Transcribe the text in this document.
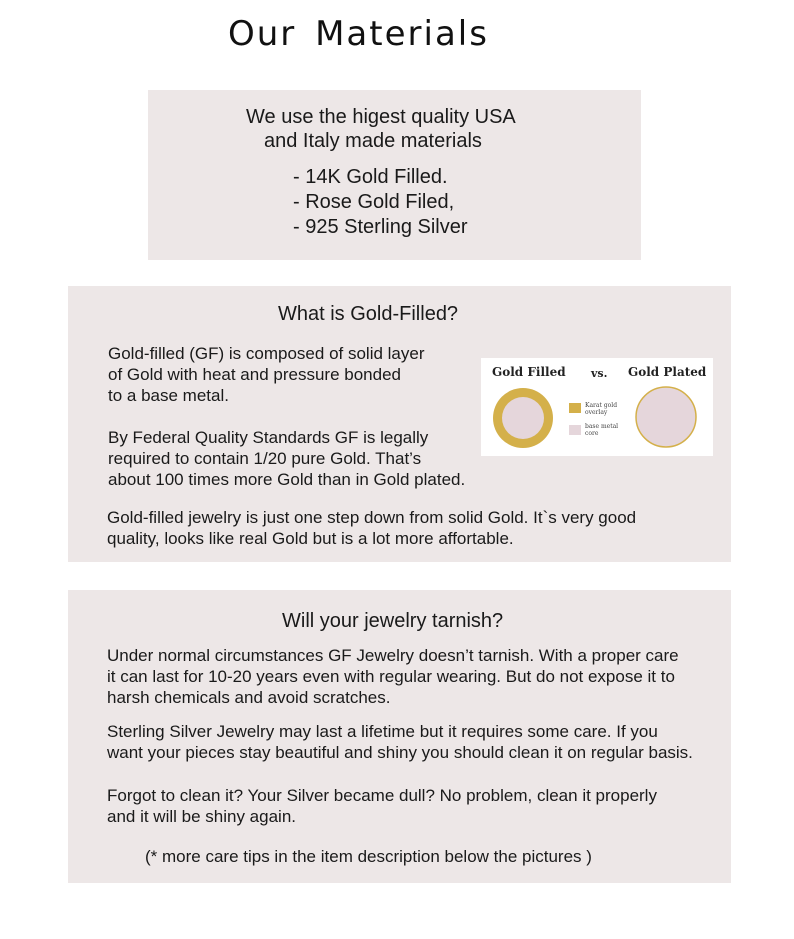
Our Materials
We use the higest quality USA
and Italy made materials
- 14K Gold Filled.
- Rose Gold Filed,
- 925 Sterling Silver
What is Gold-Filled?
Gold-filled (GF) is composed of solid layer
of Gold with heat and pressure bonded
to a base metal.
By Federal Quality Standards GF is legally
required to contain 1/20 pure Gold. That’s
about 100 times more Gold than in Gold plated.
Gold-filled jewelry is just one step down from solid Gold. It`s very good
quality, looks like real Gold but is a lot more affortable.
Gold Filled vs. Gold Plated
Karat gold
overlay
base metal
core
Will your jewelry tarnish?
Under normal circumstances GF Jewelry doesn’t tarnish. With a proper care
it can last for 10-20 years even with regular wearing. But do not expose it to
harsh chemicals and avoid scratches.
Sterling Silver Jewelry may last a lifetime but it requires some care. If you
want your pieces stay beautiful and shiny you should clean it on regular basis.
Forgot to clean it? Your Silver became dull? No problem, clean it properly
and it will be shiny again.
(* more care tips in the item description below the pictures )
